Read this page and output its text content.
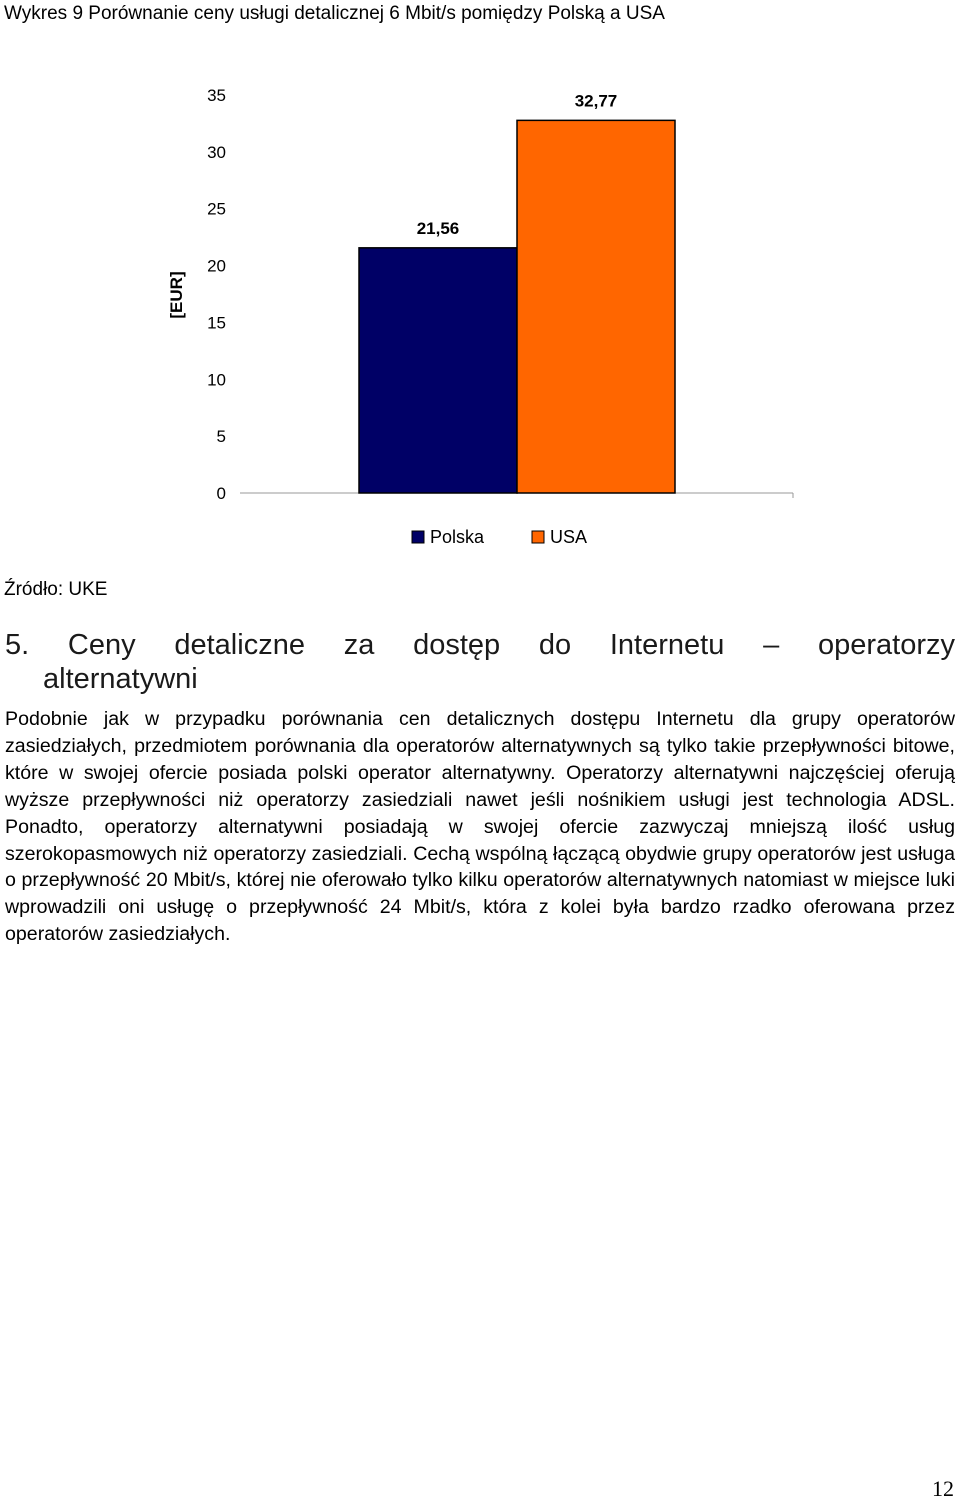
Wykres 9 Porównanie ceny usługi detalicznej 6 Mbit/s pomiędzy Polską a USA
[EUR]
0
5
10
15
20
25
30
35
21,56
32,77
Polska	USA
Źródło: UKE
5. Ceny detaliczne za dostęp do Internetu – operatorzy
alternatywni

Podobnie jak w przypadku porównania cen detalicznych dostępu Internetu dla grupy operatorów zasiedziałych, przedmiotem porównania dla operatorów alternatywnych są tylko takie przepływności bitowe, które w swojej ofercie posiada polski operator alternatywny. Operatorzy alternatywni najczęściej oferują wyższe przepływności niż operatorzy zasiedziali nawet jeśli nośnikiem usługi jest technologia ADSL. Ponadto, operatorzy alternatywni posiadają w swojej ofercie zazwyczaj mniejszą ilość usług szerokopasmowych niż operatorzy zasiedziali. Cechą wspólną łączącą obydwie grupy operatorów jest usługa o przepływność 20 Mbit/s, której nie oferowało tylko kilku operatorów alternatywnych natomiast w miejsce luki wprowadzili oni usługę o przepływność 24 Mbit/s, która z kolei była bardzo rzadko oferowana przez operatorów zasiedziałych.

12
